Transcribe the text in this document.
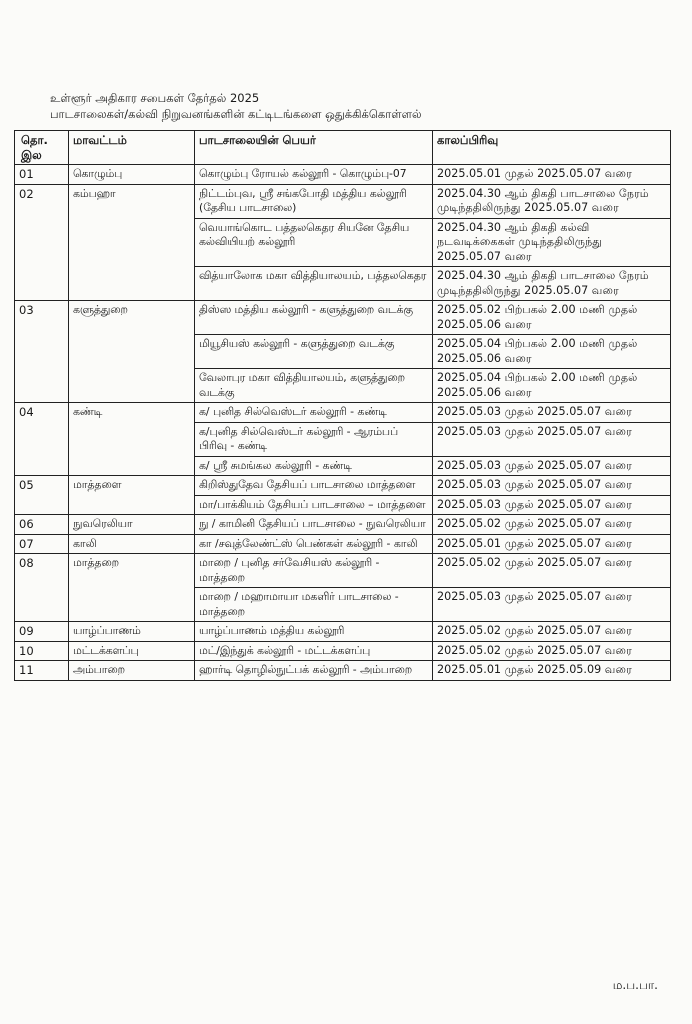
உள்ளூர் அதிகார சபைகள் தேர்தல் 2025
பாடசாலைகள்/கல்வி நிறுவனங்களின் கட்டிடங்களை ஒதுக்கிக்கொள்ளல்
தொ. இல	மாவட்டம்	பாடசாலையின் பெயர்	காலப்பிரிவு
01	கொழும்பு	கொழும்பு ரோயல் கல்லூரி - கொழும்பு-07	2025.05.01 முதல் 2025.05.07 வரை
02	கம்பஹா	நிட்டம்புவ, ஸ்ரீ சங்கபோதி மத்திய கல்லூரி (தேசிய பாடசாலை)	2025.04.30 ஆம் திகதி பாடசாலை நேரம் முடிந்ததிலிருந்து 2025.05.07 வரை
		வெயாங்கொட பத்தலகெதர சியனே தேசிய கல்வியியற் கல்லூரி	2025.04.30 ஆம் திகதி கல்வி நடவடிக்கைகள் முடிந்ததிலிருந்து 2025.05.07 வரை
		வித்யாலோக மகா வித்தியாலயம், பத்தலகெதர	2025.04.30 ஆம் திகதி பாடசாலை நேரம் முடிந்ததிலிருந்து 2025.05.07 வரை
03	களுத்துறை	திஸ்ஸ மத்திய கல்லூரி - களுத்துறை வடக்கு	2025.05.02 பிற்பகல் 2.00 மணி முதல் 2025.05.06 வரை
		மியூசியஸ் கல்லூரி - களுத்துறை வடக்கு	2025.05.04 பிற்பகல் 2.00 மணி முதல் 2025.05.06 வரை
		வேலாபுர மகா வித்தியாலயம், களுத்துறை வடக்கு	2025.05.04 பிற்பகல் 2.00 மணி முதல் 2025.05.06 வரை
04	கண்டி	க/ புனித சில்வெஸ்டர் கல்லூரி - கண்டி	2025.05.03 முதல் 2025.05.07 வரை
		க/புனித சில்வெஸ்டர் கல்லூரி - ஆரம்பப் பிரிவு - கண்டி	2025.05.03 முதல் 2025.05.07 வரை
		க/ ஸ்ரீ சுமங்கல கல்லூரி - கண்டி	2025.05.03 முதல் 2025.05.07 வரை
05	மாத்தளை	கிறிஸ்துதேவ தேசியப் பாடசாலை மாத்தளை	2025.05.03 முதல் 2025.05.07 வரை
		மா/பாக்கியம் தேசியப் பாடசாலை – மாத்தளை	2025.05.03 முதல் 2025.05.07 வரை
06	நுவரெலியா	நு / காமினி தேசியப் பாடசாலை - நுவரெலியா	2025.05.02 முதல் 2025.05.07 வரை
07	காலி	கா /சவுத்லேண்ட்ஸ் பெண்கள் கல்லூரி - காலி	2025.05.01 முதல் 2025.05.07 வரை
08	மாத்தறை	மாறை / புனித சர்வேசியஸ் கல்லூரி - மாத்தறை	2025.05.02 முதல் 2025.05.07 வரை
		மாறை / மஹாமாயா மகளிர் பாடசாலை - மாத்தறை	2025.05.03 முதல் 2025.05.07 வரை
09	யாழ்ப்பாணம்	யாழ்ப்பாணம் மத்திய கல்லூரி	2025.05.02 முதல் 2025.05.07 வரை
10	மட்டக்களப்பு	மட்/இந்துக் கல்லூரி - மட்டக்களப்பு	2025.05.02 முதல் 2025.05.07 வரை
11	அம்பாறை	ஹார்டி தொழில்நுட்பக் கல்லூரி - அம்பாறை	2025.05.01 முதல் 2025.05.09 வரை
ம.ப.பா.
